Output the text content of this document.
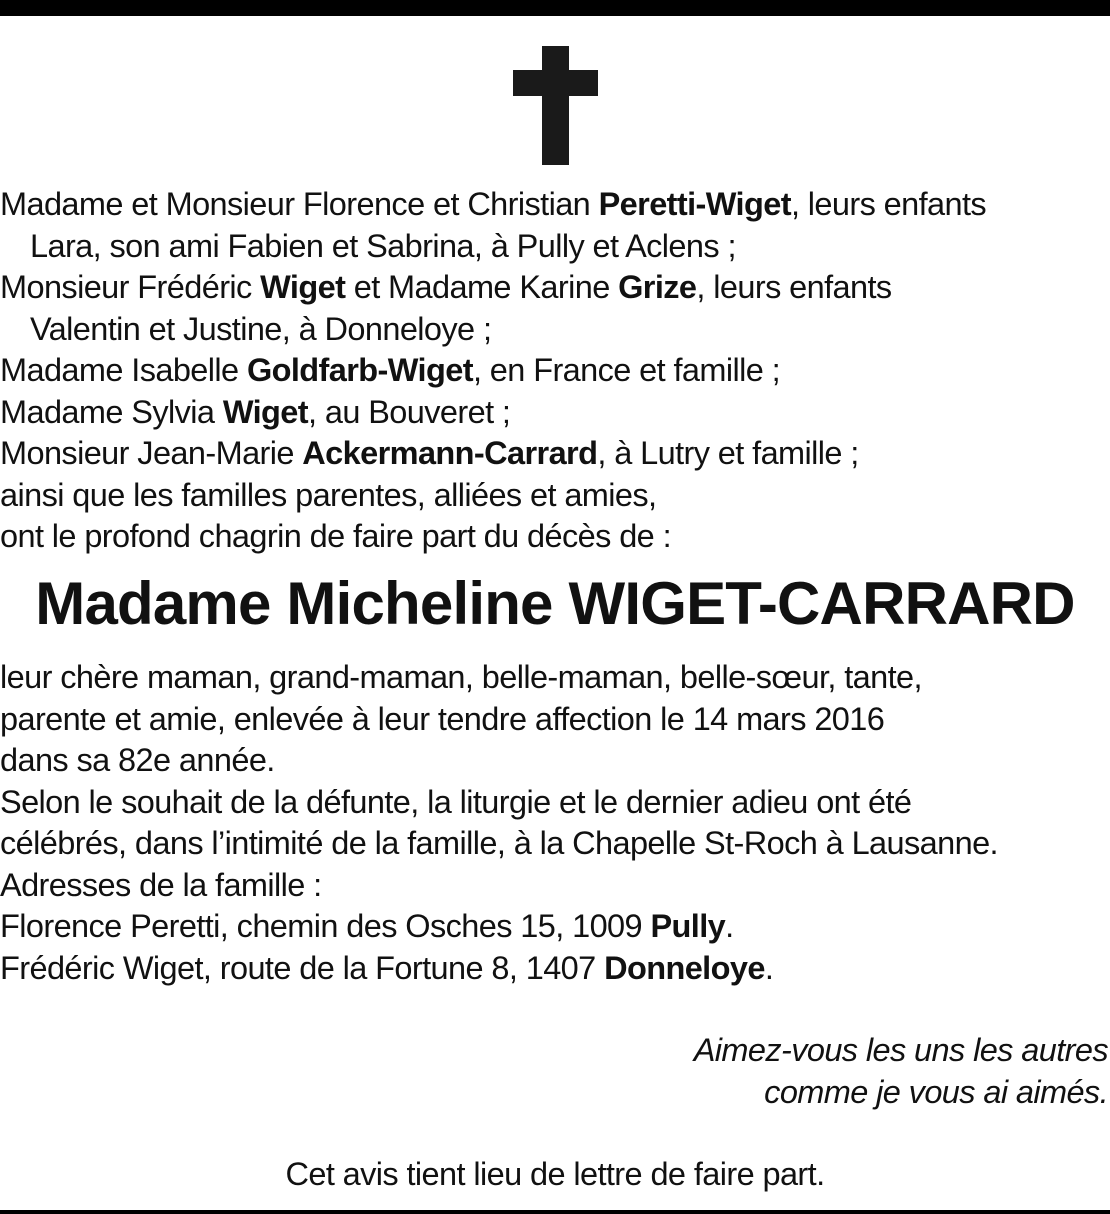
Madame et Monsieur Florence et Christian Peretti-Wiget, leurs enfants
Lara, son ami Fabien et Sabrina, à Pully et Aclens ;
Monsieur Frédéric Wiget et Madame Karine Grize, leurs enfants
Valentin et Justine, à Donneloye ;
Madame Isabelle Goldfarb-Wiget, en France et famille ;
Madame Sylvia Wiget, au Bouveret ;
Monsieur Jean-Marie Ackermann-Carrard, à Lutry et famille ;
ainsi que les familles parentes, alliées et amies,
ont le profond chagrin de faire part du décès de :
Madame Micheline WIGET-CARRARD
leur chère maman, grand-maman, belle-maman, belle-sœur, tante,
parente et amie, enlevée à leur tendre affection le 14 mars 2016
dans sa 82e année.
Selon le souhait de la défunte, la liturgie et le dernier adieu ont été
célébrés, dans l’intimité de la famille, à la Chapelle St-Roch à Lausanne.
Adresses de la famille :
Florence Peretti, chemin des Osches 15, 1009 Pully.
Frédéric Wiget, route de la Fortune 8, 1407 Donneloye.
Aimez-vous les uns les autres
comme je vous ai aimés.
Cet avis tient lieu de lettre de faire part.
